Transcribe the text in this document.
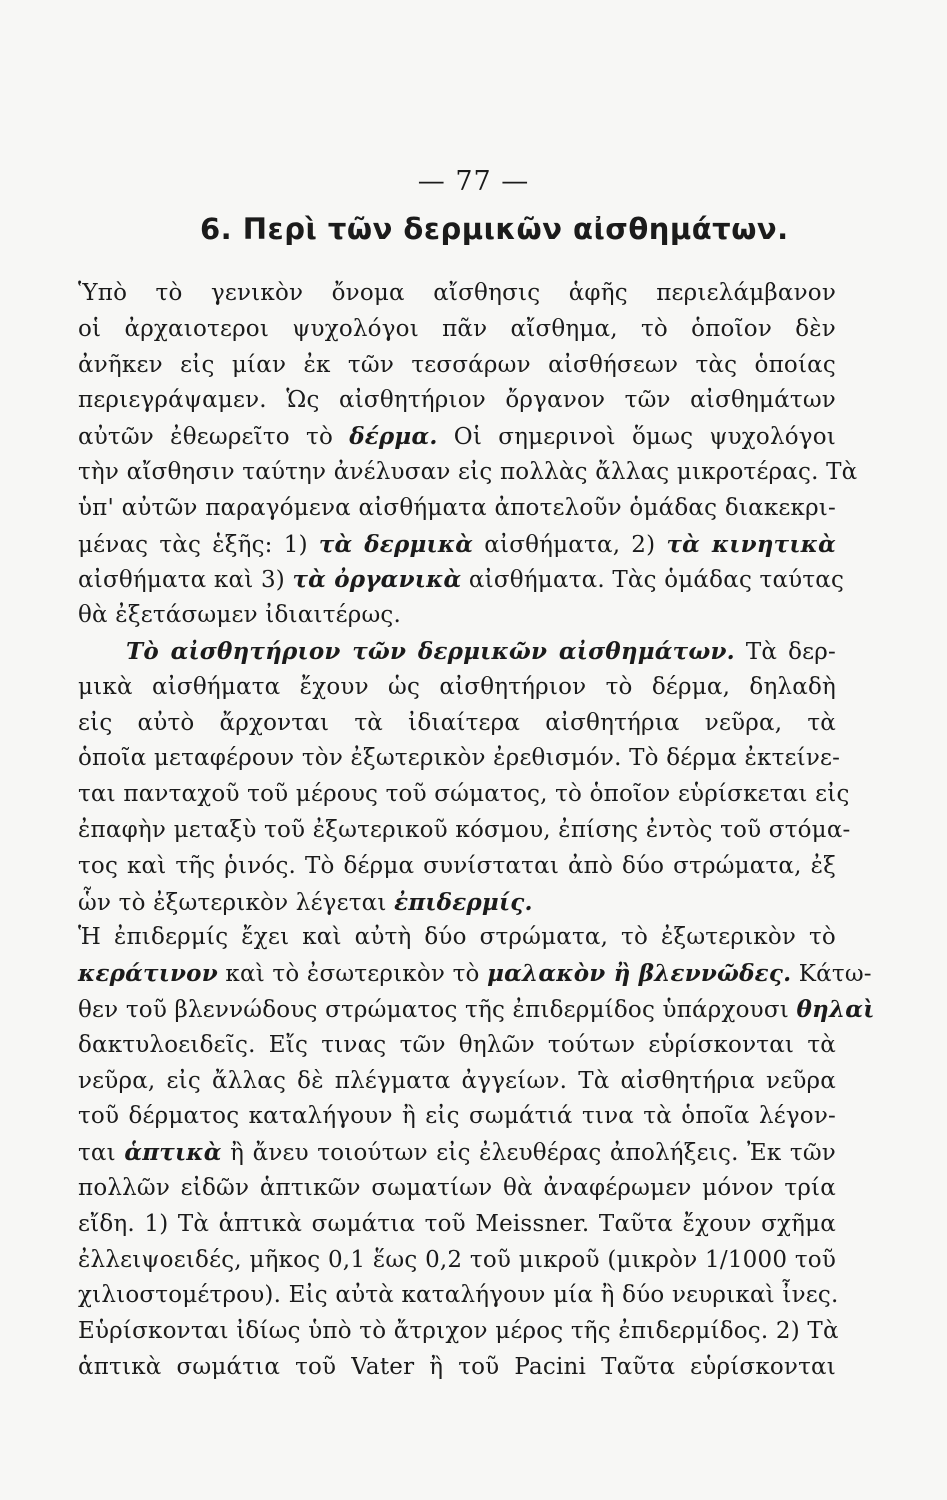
— 77 —
6. Περὶ τῶν δερμικῶν αἰσθημάτων.
Ὑπὸ τὸ γενικὸν ὄνομα αἴσθησις ἁφῆς περιελάμβανον
οἱ ἀρχαιοτεροι ψυχολόγοι πᾶν αἴσθημα, τὸ ὁποῖον δὲν
ἀνῆκεν εἰς μίαν ἐκ τῶν τεσσάρων αἰσθήσεων τὰς ὁποίας
περιεγράψαμεν. Ὡς αἰσθητήριον ὄργανον τῶν αἰσθημάτων
αὐτῶν ἐθεωρεῖτο τὸ δέρμα. Οἱ σημερινοὶ ὅμως ψυχολόγοι
τὴν αἴσθησιν ταύτην ἀνέλυσαν εἰς πολλὰς ἄλλας μικροτέρας. Τὰ
ὑπ' αὐτῶν παραγόμενα αἰσθήματα ἀποτελοῦν ὁμάδας διακεκρι-
μένας τὰς ἑξῆς: 1) τὰ δερμικὰ αἰσθήματα, 2) τὰ κινητικὰ
αἰσθήματα καὶ 3) τὰ ὀργανικὰ αἰσθήματα. Τὰς ὁμάδας ταύτας
θὰ ἐξετάσωμεν ἰδιαιτέρως.
Τὸ αἰσθητήριον τῶν δερμικῶν αἰσθημάτων. Τὰ δερ-
μικὰ αἰσθήματα ἔχουν ὡς αἰσθητήριον τὸ δέρμα, δηλαδὴ
εἰς αὐτὸ ἄρχονται τὰ ἰδιαίτερα αἰσθητήρια νεῦρα, τὰ
ὁποῖα μεταφέρουν τὸν ἐξωτερικὸν ἐρεθισμόν. Τὸ δέρμα ἐκτείνε-
ται πανταχοῦ τοῦ μέρους τοῦ σώματος, τὸ ὁποῖον εὑρίσκεται εἰς
ἐπαφὴν μεταξὺ τοῦ ἐξωτερικοῦ κόσμου, ἐπίσης ἐντὸς τοῦ στόμα-
τος καὶ τῆς ῥινός. Τὸ δέρμα συνίσταται ἀπὸ δύο στρώματα, ἐξ
ὧν τὸ ἐξωτερικὸν λέγεται ἐπιδερμίς.
Ἡ ἐπιδερμίς ἔχει καὶ αὐτὴ δύο στρώματα, τὸ ἐξωτερικὸν τὸ
κεράτινον καὶ τὸ ἐσωτερικὸν τὸ μαλακὸν ἢ βλεννῶδες. Κάτω-
θεν τοῦ βλεννώδους στρώματος τῆς ἐπιδερμίδος ὑπάρχουσι θηλαὶ
δακτυλοειδεῖς. Εἴς τινας τῶν θηλῶν τούτων εὑρίσκονται τὰ
νεῦρα, εἰς ἄλλας δὲ πλέγματα ἀγγείων. Τὰ αἰσθητήρια νεῦρα
τοῦ δέρματος καταλήγουν ἢ εἰς σωμάτιά τινα τὰ ὁποῖα λέγον-
ται ἁπτικὰ ἢ ἄνευ τοιούτων εἰς ἐλευθέρας ἀπολήξεις. Ἐκ τῶν
πολλῶν εἰδῶν ἁπτικῶν σωματίων θὰ ἀναφέρωμεν μόνον τρία
εἴδη. 1) Τὰ ἁπτικὰ σωμάτια τοῦ Meissner. Ταῦτα ἔχουν σχῆμα
ἐλλειψοειδές, μῆκος 0,1 ἕως 0,2 τοῦ μικροῦ (μικρὸν 1/1000 τοῦ
χιλιοστομέτρου). Εἰς αὐτὰ καταλήγουν μία ἢ δύο νευρικαὶ ἶνες.
Εὑρίσκονται ἰδίως ὑπὸ τὸ ἄτριχον μέρος τῆς ἐπιδερμίδος. 2) Τὰ
ἁπτικὰ σωμάτια τοῦ Vater ἢ τοῦ Pacini Ταῦτα εὑρίσκονται
